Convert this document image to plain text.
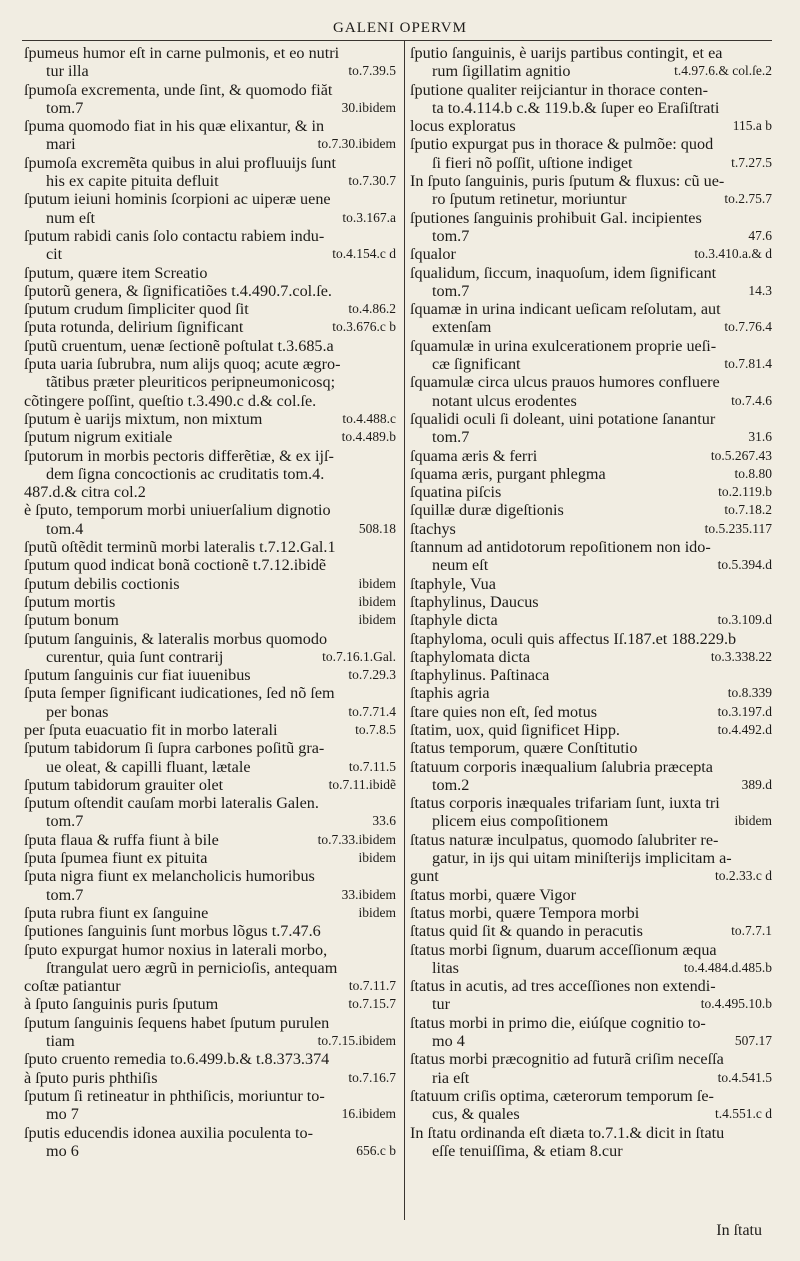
GALENI OPERVM
ſpumeus humor eſt in carne pulmonis, et eo nutri
to.7.39.5
tur illa
ſpumoſa excrementa, unde ſint, & quomodo fiăt
30.ibidem
tom.7
ſpuma quomodo fiat in his quæ elixantur, & in
to.7.30.ibidem
mari
ſpumoſa excremẽta quibus in alui profluuijs ſunt
to.7.30.7
his ex capite pituita defluit
ſputum ieiuni hominis ſcorpioni ac uiperæ uene
to.3.167.a
num eſt
ſputum rabidi canis ſolo contactu rabiem indu-
to.4.154.c d
cit
ſputum, quære item Screatio
ſputorũ genera, & ſignificatiões t.4.490.7.col.ſe.
to.4.86.2
ſputum crudum ſimpliciter quod ſit
to.3.676.c b
ſputa rotunda, delirium ſignificant
ſputũ cruentum, uenæ ſectionẽ poſtulat t.3.685.a
ſputa uaria ſubrubra, num alijs quoq; acute ægro-
tãtibus præter pleuriticos peripneumonicosq;
cõtingere poſſint, queſtio t.3.490.c d.& col.ſe.
to.4.488.c
ſputum è uarijs mixtum, non mixtum
to.4.489.b
ſputum nigrum exitiale
ſputorum in morbis pectoris differẽtiæ, & ex ijſ-
dem ſigna concoctionis ac cruditatis tom.4.
487.d.& citra col.2
è ſputo, temporum morbi uniuerſalium dignotio
508.18
tom.4
ſputũ oſtẽdit terminũ morbi lateralis t.7.12.Gal.1
ſputum quod indicat bonã coctionẽ t.7.12.ibidẽ
ibidem
ſputum debilis coctionis
ibidem
ſputum mortis
ibidem
ſputum bonum
ſputum ſanguinis, & lateralis morbus quomodo
to.7.16.1.Gal.
curentur, quia ſunt contrarij
to.7.29.3
ſputum ſanguinis cur fiat iuuenibus
ſputa ſemper ſignificant iudicationes, ſed nõ ſem
to.7.71.4
per bonas
to.7.8.5
per ſputa euacuatio fit in morbo laterali
ſputum tabidorum ſi ſupra carbones poſitũ gra-
to.7.11.5
ue oleat, & capilli fluant, lætale
to.7.11.ibidẽ
ſputum tabidorum grauiter olet
ſputum oſtendit cauſam morbi lateralis Galen.
33.6
tom.7
to.7.33.ibidem
ſputa flaua & ruffa fiunt à bile
ibidem
ſputa ſpumea fiunt ex pituita
ſputa nigra fiunt ex melancholicis humoribus
33.ibidem
tom.7
ibidem
ſputa rubra fiunt ex ſanguine
ſputiones ſanguinis ſunt morbus lõgus t.7.47.6
ſputo expurgat humor noxius in laterali morbo,
ſtrangulat uero ægrũ in pernicioſis, antequam
to.7.11.7
coſtæ patiantur
to.7.15.7
à ſputo ſanguinis puris ſputum
ſputum ſanguinis ſequens habet ſputum purulen
to.7.15.ibidem
tiam
ſputo cruento remedia to.6.499.b.& t.8.373.374
to.7.16.7
à ſputo puris phthiſis
ſputum ſi retineatur in phthiſicis, moriuntur to-
16.ibidem
mo 7
ſputis educendis idonea auxilia poculenta to-
656.c b
mo 6
ſputio ſanguinis, è uarijs partibus contingit, et ea
t.4.97.6.& col.ſe.2
rum ſigillatim agnitio
ſputione qualiter reijciantur in thorace conten-
ta to.4.114.b c.& 119.b.& ſuper eo Eraſiſtrati
115.a b
locus exploratus
ſputio expurgat pus in thorace & pulmõe: quod
t.7.27.5
ſi fieri nõ poſſit, uſtione indiget
In ſputo ſanguinis, puris ſputum & fluxus: cũ ue-
to.2.75.7
ro ſputum retinetur, moriuntur
ſputiones ſanguinis prohibuit Gal. incipientes
47.6
tom.7
to.3.410.a.& d
ſqualor
ſqualidum, ſiccum, inaquoſum, idem ſignificant
14.3
tom.7
ſquamæ in urina indicant ueſicam reſolutam, aut
to.7.76.4
extenſam
ſquamulæ in urina exulcerationem proprie ueſi-
to.7.81.4
cæ ſignificant
ſquamulæ circa ulcus prauos humores confluere
to.7.4.6
notant ulcus erodentes
ſqualidi oculi ſi doleant, uini potatione ſanantur
31.6
tom.7
to.5.267.43
ſquama æris & ferri
to.8.80
ſquama æris, purgant phlegma
to.2.119.b
ſquatina piſcis
to.7.18.2
ſquillæ duræ digeſtionis
to.5.235.117
ſtachys
ſtannum ad antidotorum repoſitionem non ido-
to.5.394.d
neum eſt
ſtaphyle, Vua
ſtaphylinus, Daucus
to.3.109.d
ſtaphyle dicta
ſtaphyloma, oculi quis affectus Iſ.187.et 188.229.b
to.3.338.22
ſtaphylomata dicta
ſtaphylinus. Paſtinaca
to.8.339
ſtaphis agria
to.3.197.d
ſtare quies non eſt, ſed motus
to.4.492.d
ſtatim, uox, quid ſignificet Hipp.
ſtatus temporum, quære Conſtitutio
ſtatuum corporis inæqualium ſalubria præcepta
389.d
tom.2
ſtatus corporis inæquales trifariam ſunt, iuxta tri
ibidem
plicem eius compoſitionem
ſtatus naturæ inculpatus, quomodo ſalubriter re-
gatur, in ijs qui uitam miniſterijs implicitam a-
to.2.33.c d
gunt
ſtatus morbi, quære Vigor
ſtatus morbi, quære Tempora morbi
to.7.7.1
ſtatus quid ſit & quando in peracutis
ſtatus morbi ſignum, duarum acceſſionum æqua
to.4.484.d.485.b
litas
ſtatus in acutis, ad tres acceſſiones non extendi-
to.4.495.10.b
tur
ſtatus morbi in primo die, eiúſque cognitio to-
507.17
mo 4
ſtatus morbi præcognitio ad futurã criſim neceſſa
to.4.541.5
ria eſt
ſtatuum criſis optima, cæterorum temporum ſe-
t.4.551.c d
cus, & quales
In ſtatu ordinanda eſt diæta to.7.1.& dicit in ſtatu
eſſe tenuiſſima, & etiam 8.cur
In ſtatu
